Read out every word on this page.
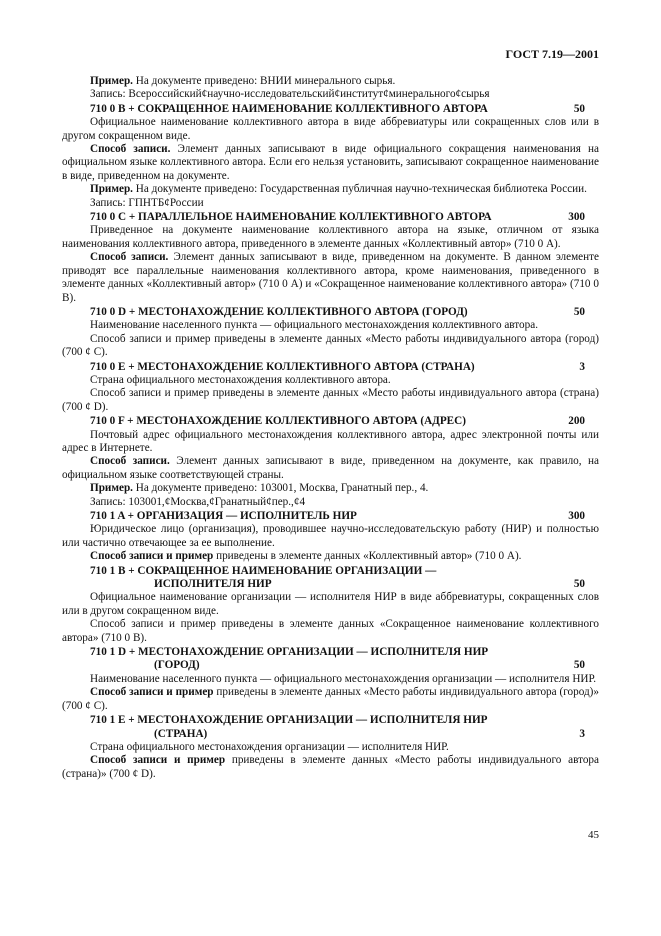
ГОСТ 7.19—2001

Пример. На документе приведено: ВНИИ минерального сырья.

Запись: Всероссийский¢научно-исследовательский¢институт¢минерального¢сырья

710 0 B + СОКРАЩЕННОЕ НАИМЕНОВАНИЕ КОЛЛЕКТИВНОГО АВТОРА	50

Официальное наименование коллективного автора в виде аббревиатуры или сокращенных слов или в другом сокращенном виде.

Способ записи. Элемент данных записывают в виде официального сокращения наименования на официальном языке коллективного автора. Если его нельзя установить, записывают сокращенное наименование в виде, приведенном на документе.

Пример. На документе приведено: Государственная публичная научно-техническая библиотека России.

Запись: ГПНТБ¢России

710 0 C + ПАРАЛЛЕЛЬНОЕ НАИМЕНОВАНИЕ КОЛЛЕКТИВНОГО АВТОРА	300

Приведенное на документе наименование коллективного автора на языке, отличном от языка наименования коллективного автора, приведенного в элементе данных «Коллективный автор» (710 0 A).

Способ записи. Элемент данных записывают в виде, приведенном на документе. В данном элементе приводят все параллельные наименования коллективного автора, кроме наименования, приведенного в элементе данных «Коллективный автор» (710 0 A) и «Сокращенное наименование коллективного автора» (710 0 B).

710 0 D + МЕСТОНАХОЖДЕНИЕ КОЛЛЕКТИВНОГО АВТОРА (ГОРОД)	50

Наименование населенного пункта — официального местонахождения коллективного автора.

Способ записи и пример приведены в элементе данных «Место работы индивидуального автора (город) (700 ¢ C).

710 0 E + МЕСТОНАХОЖДЕНИЕ КОЛЛЕКТИВНОГО АВТОРА (СТРАНА)	3

Страна официального местонахождения коллективного автора.

Способ записи и пример приведены в элементе данных «Место работы индивидуального автора (страна) (700 ¢ D).

710 0 F + МЕСТОНАХОЖДЕНИЕ КОЛЛЕКТИВНОГО АВТОРА (АДРЕС)	200

Почтовый адрес официального местонахождения коллективного автора, адрес электронной почты или адрес в Интернете.

Способ записи. Элемент данных записывают в виде, приведенном на документе, как правило, на официальном языке соответствующей страны.

Пример. На документе приведено: 103001, Москва, Гранатный пер., 4.

Запись: 103001,¢Москва,¢Гранатный¢пер.,¢4

710 1 A + ОРГАНИЗАЦИЯ — ИСПОЛНИТЕЛЬ НИР	300

Юридическое лицо (организация), проводившее научно-исследовательскую работу (НИР) и полностью или частично отвечающее за ее выполнение.

Способ записи и пример приведены в элементе данных «Коллективный автор» (710 0 A).

710 1 B + СОКРАЩЕННОЕ НАИМЕНОВАНИЕ ОРГАНИЗАЦИИ —
ИСПОЛНИТЕЛЯ НИР	50

Официальное наименование организации — исполнителя НИР в виде аббревиатуры, сокращенных слов или в другом сокращенном виде.

Способ записи и пример приведены в элементе данных «Сокращенное наименование коллективного автора» (710 0 B).

710 1 D + МЕСТОНАХОЖДЕНИЕ ОРГАНИЗАЦИИ — ИСПОЛНИТЕЛЯ НИР
(ГОРОД)	50

Наименование населенного пункта — официального местонахождения организации — исполнителя НИР.

Способ записи и пример приведены в элементе данных «Место работы индивидуального автора (город)» (700 ¢ C).

710 1 E + МЕСТОНАХОЖДЕНИЕ ОРГАНИЗАЦИИ — ИСПОЛНИТЕЛЯ НИР
(СТРАНА)	3

Страна официального местонахождения организации — исполнителя НИР.

Способ записи и пример приведены в элементе данных «Место работы индивидуального автора (страна)» (700 ¢ D).

45
